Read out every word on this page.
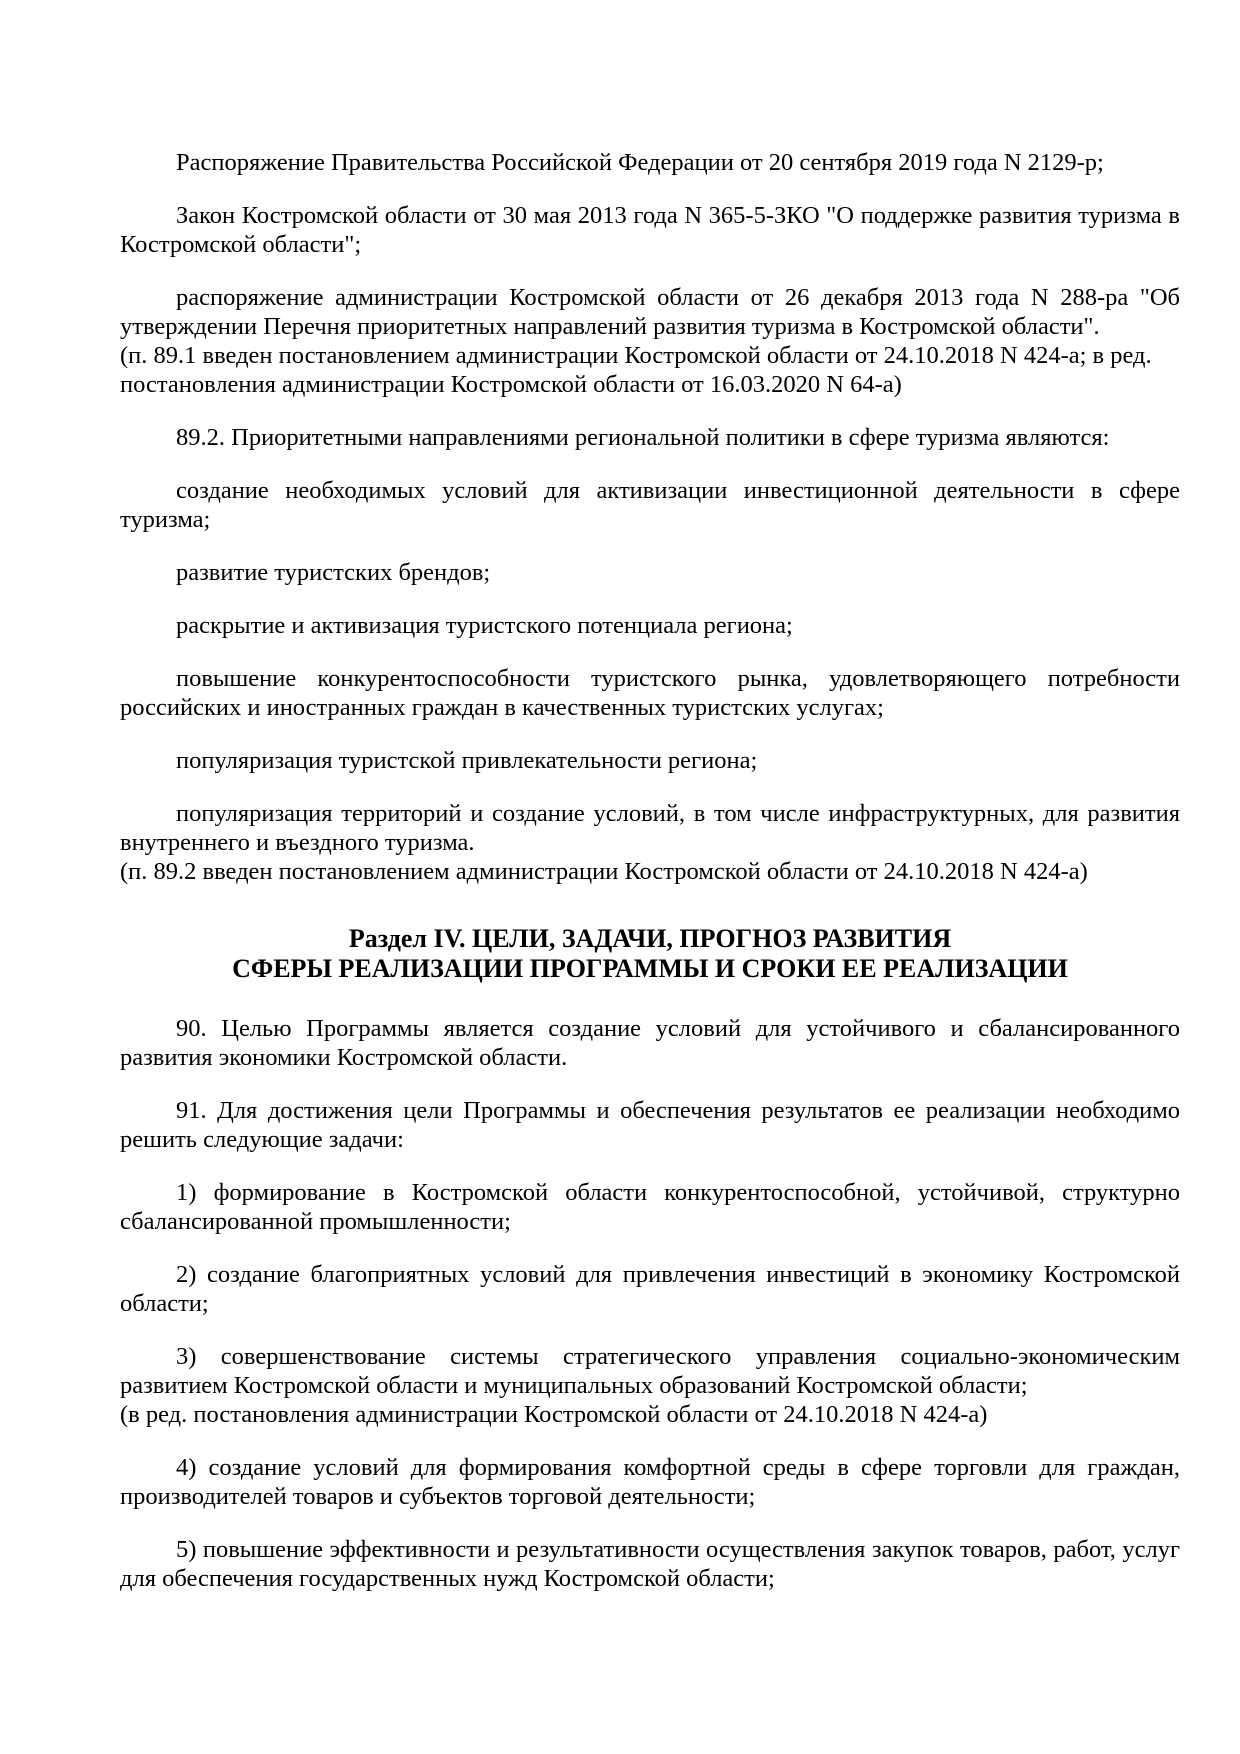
Распоряжение Правительства Российской Федерации от 20 сентября 2019 года N 2129-р;

Закон Костромской области от 30 мая 2013 года N 365-5-ЗКО "О поддержке развития туризма в Костромской области";

распоряжение администрации Костромской области от 26 декабря 2013 года N 288-ра "Об утверждении Перечня приоритетных направлений развития туризма в Костромской области".

(п. 89.1 введен постановлением администрации Костромской области от 24.10.2018 N 424-а; в ред. постановления администрации Костромской области от 16.03.2020 N 64-а)

89.2. Приоритетными направлениями региональной политики в сфере туризма являются:

создание необходимых условий для активизации инвестиционной деятельности в сфере туризма;

развитие туристских брендов;

раскрытие и активизация туристского потенциала региона;

повышение конкурентоспособности туристского рынка, удовлетворяющего потребности российских и иностранных граждан в качественных туристских услугах;

популяризация туристской привлекательности региона;

популяризация территорий и создание условий, в том числе инфраструктурных, для развития внутреннего и въездного туризма.

(п. 89.2 введен постановлением администрации Костромской области от 24.10.2018 N 424-а)

Раздел IV. ЦЕЛИ, ЗАДАЧИ, ПРОГНОЗ РАЗВИТИЯ
СФЕРЫ РЕАЛИЗАЦИИ ПРОГРАММЫ И СРОКИ ЕЕ РЕАЛИЗАЦИИ

90. Целью Программы является создание условий для устойчивого и сбалансированного развития экономики Костромской области.

91. Для достижения цели Программы и обеспечения результатов ее реализации необходимо решить следующие задачи:

1) формирование в Костромской области конкурентоспособной, устойчивой, структурно сбалансированной промышленности;

2) создание благоприятных условий для привлечения инвестиций в экономику Костромской области;

3) совершенствование системы стратегического управления социально-экономическим развитием Костромской области и муниципальных образований Костромской области;

(в ред. постановления администрации Костромской области от 24.10.2018 N 424-а)

4) создание условий для формирования комфортной среды в сфере торговли для граждан, производителей товаров и субъектов торговой деятельности;

5) повышение эффективности и результативности осуществления закупок товаров, работ, услуг для обеспечения государственных нужд Костромской области;
